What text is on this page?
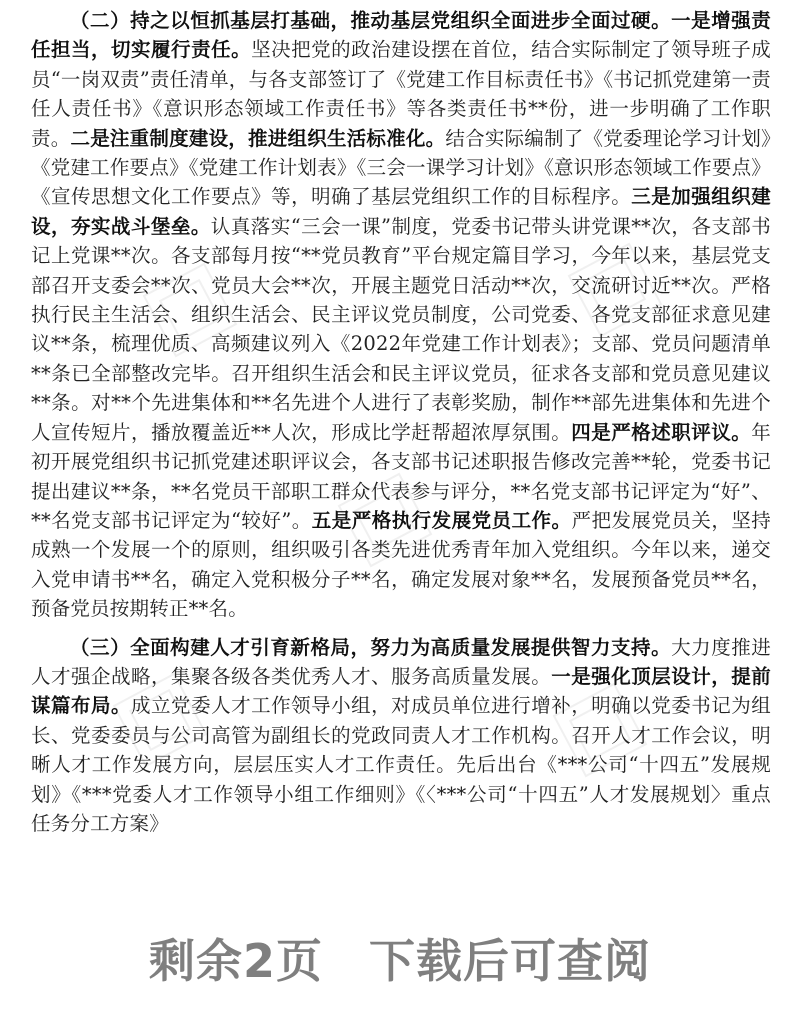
（二）持之以恒抓基层打基础，推动基层党组织全面进步全面过硬。一是增强责任担当，切实履行责任。坚决把党的政治建设摆在首位，结合实际制定了领导班子成员“一岗双责”责任清单，与各支部签订了《党建工作目标责任书》《书记抓党建第一责任人责任书》《意识形态领域工作责任书》等各类责任书**份，进一步明确了工作职责。二是注重制度建设，推进组织生活标准化。结合实际编制了《党委理论学习计划》《党建工作要点》《党建工作计划表》《三会一课学习计划》《意识形态领域工作要点》《宣传思想文化工作要点》等，明确了基层党组织工作的目标程序。三是加强组织建设，夯实战斗堡垒。认真落实“三会一课”制度，党委书记带头讲党课**次，各支部书记上党课**次。各支部每月按“**党员教育”平台规定篇目学习，今年以来，基层党支部召开支委会**次、党员大会**次，开展主题党日活动**次，交流研讨近**次。严格执行民主生活会、组织生活会、民主评议党员制度，公司党委、各党支部征求意见建议**条，梳理优质、高频建议列入《2022年党建工作计划表》；支部、党员问题清单**条已全部整改完毕。召开组织生活会和民主评议党员，征求各支部和党员意见建议**条。对**个先进集体和**名先进个人进行了表彰奖励，制作**部先进集体和先进个人宣传短片，播放覆盖近**人次，形成比学赶帮超浓厚氛围。四是严格述职评议。年初开展党组织书记抓党建述职评议会，各支部书记述职报告修改完善**轮，党委书记提出建议**条，**名党员干部职工群众代表参与评分，**名党支部书记评定为“好”、**名党支部书记评定为“较好”。五是严格执行发展党员工作。严把发展党员关，坚持成熟一个发展一个的原则，组织吸引各类先进优秀青年加入党组织。今年以来，递交入党申请书**名，确定入党积极分子**名，确定发展对象**名，发展预备党员**名，预备党员按期转正**名。

（三）全面构建人才引育新格局，努力为高质量发展提供智力支持。大力度推进人才强企战略，集聚各级各类优秀人才、服务高质量发展。一是强化顶层设计，提前谋篇布局。成立党委人才工作领导小组，对成员单位进行增补，明确以党委书记为组长、党委委员与公司高管为副组长的党政同责人才工作机构。召开人才工作会议，明晰人才工作发展方向，层层压实人才工作责任。先后出台《***公司“十四五”发展规划》《***党委人才工作领导小组工作细则》《〈***公司“十四五”人才发展规划〉重点任务分工方案》

剩余2页 下载后可查阅
